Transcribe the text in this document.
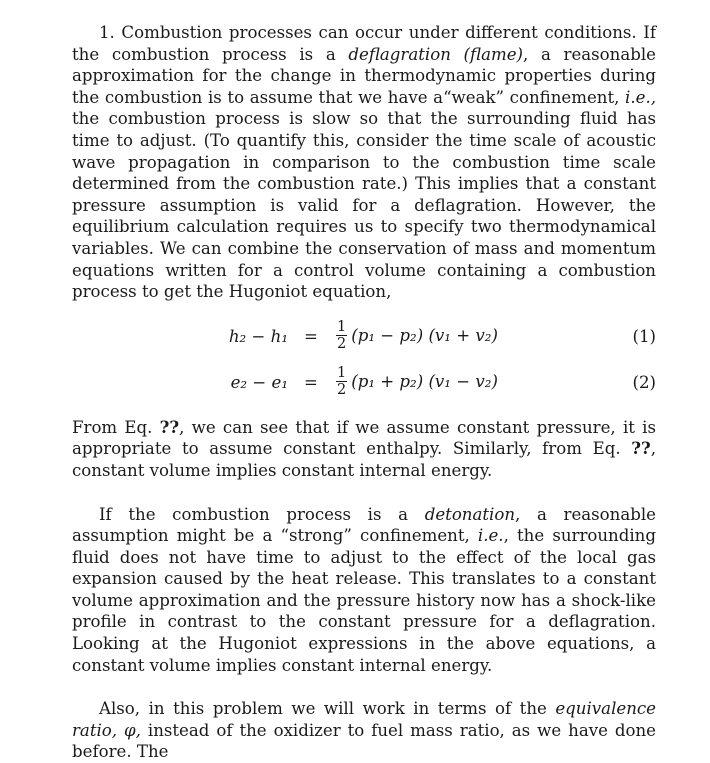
1. Combustion processes can occur under different conditions. If the combustion process is a deflagration (flame), a reasonable approximation for the change in thermodynamic properties during the combustion is to assume that we have a“weak” confinement, i.e., the combustion process is slow so that the surrounding fluid has time to adjust. (To quantify this, consider the time scale of acoustic wave propagation in comparison to the combustion time scale determined from the combustion rate.) This implies that a constant pressure assumption is valid for a deflagration. However, the equilibrium calculation requires us to specify two thermodynamical variables. We can combine the conservation of mass and momentum equations written for a control volume containing a combustion process to get the Hugoniot equation,

$h_2 - h_1 = \frac{1}{2} (p_1 - p_2) (v_1 + v_2)$	(1)
$e_2 - e_1 = \frac{1}{2} (p_1 + p_2) (v_1 - v_2)$	(2)

From Eq. ??, we can see that if we assume constant pressure, it is appropriate to assume constant enthalpy. Similarly, from Eq. ??, constant volume implies constant internal energy.

If the combustion process is a detonation, a reasonable assumption might be a “strong” confinement, i.e., the surrounding fluid does not have time to adjust to the effect of the local gas expansion caused by the heat release. This translates to a constant volume approximation and the pressure history now has a shock-like profile in contrast to the constant pressure for a deflagration. Looking at the Hugoniot expressions in the above equations, a constant volume implies constant internal energy.

Also, in this problem we will work in terms of the equivalence ratio, φ, instead of the oxidizer to fuel mass ratio, as we have done before. The
